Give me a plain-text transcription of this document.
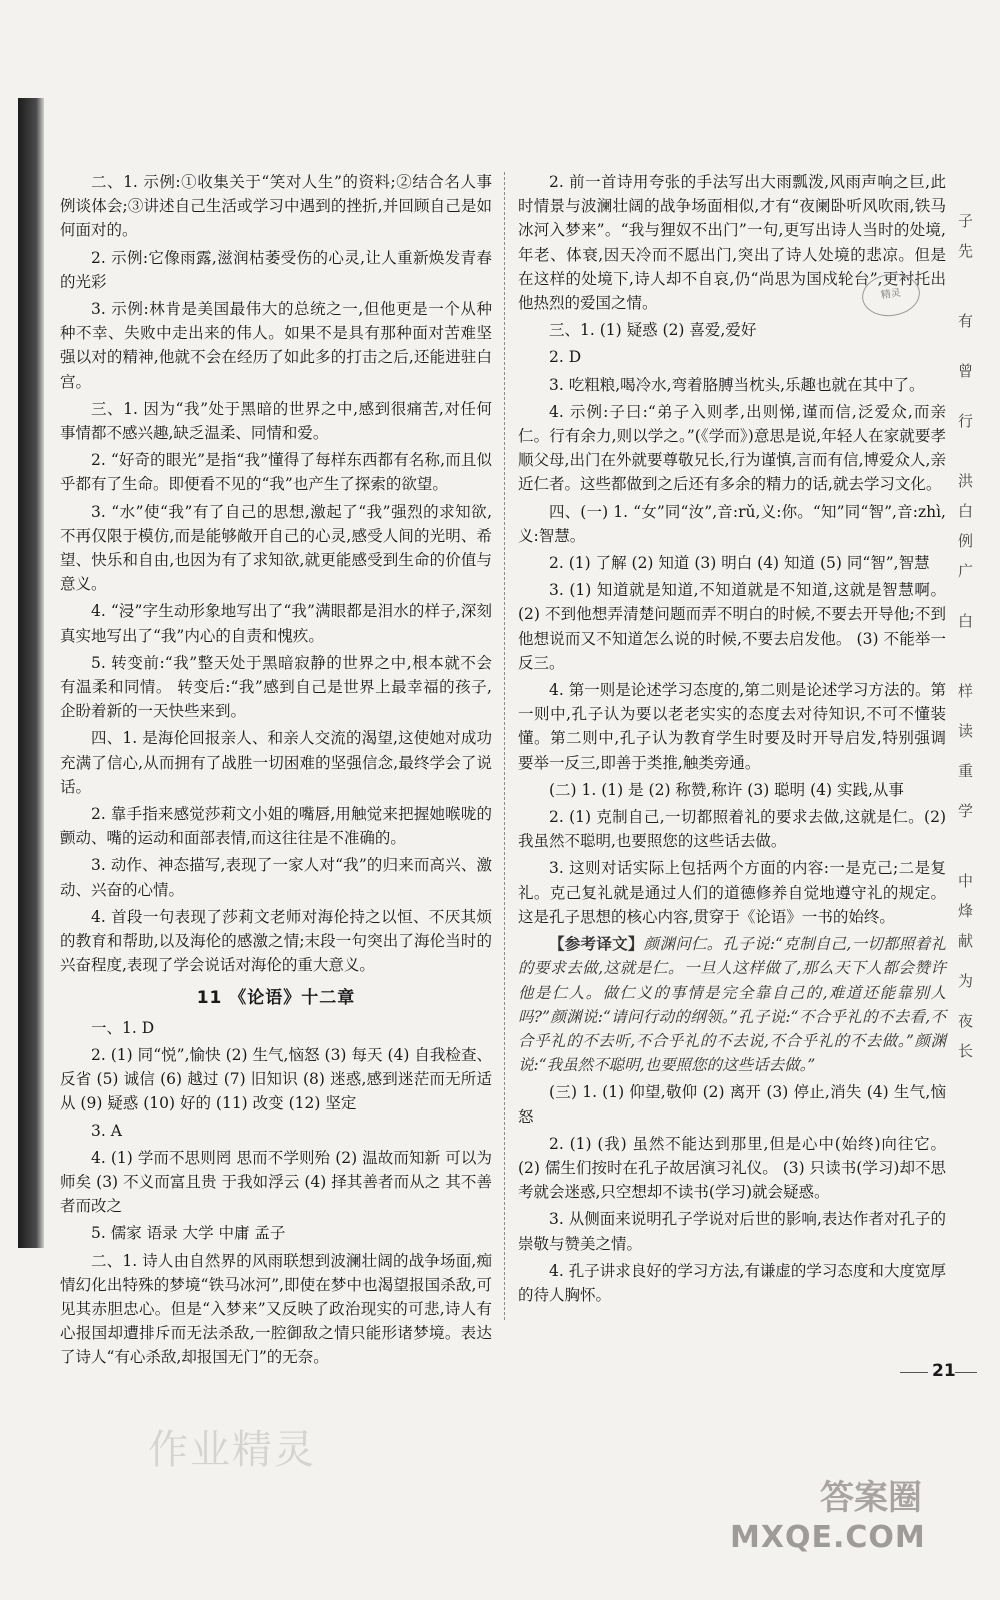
二、1. 示例:①收集关于“笑对人生”的资料;②结合名人事例谈体会;③讲述自己生活或学习中遇到的挫折,并回顾自己是如何面对的。

2. 示例:它像雨露,滋润枯萎受伤的心灵,让人重新焕发青春的光彩

3. 示例:林肯是美国最伟大的总统之一,但他更是一个从种种不幸、失败中走出来的伟人。如果不是具有那种面对苦难坚强以对的精神,他就不会在经历了如此多的打击之后,还能进驻白宫。

三、1. 因为“我”处于黑暗的世界之中,感到很痛苦,对任何事情都不感兴趣,缺乏温柔、同情和爱。

2. “好奇的眼光”是指“我”懂得了每样东西都有名称,而且似乎都有了生命。即便看不见的“我”也产生了探索的欲望。

3. “水”使“我”有了自己的思想,激起了“我”强烈的求知欲,不再仅限于模仿,而是能够敞开自己的心灵,感受人间的光明、希望、快乐和自由,也因为有了求知欲,就更能感受到生命的价值与意义。

4. “浸”字生动形象地写出了“我”满眼都是泪水的样子,深刻真实地写出了“我”内心的自责和愧疚。

5. 转变前:“我”整天处于黑暗寂静的世界之中,根本就不会有温柔和同情。 转变后:“我”感到自己是世界上最幸福的孩子,企盼着新的一天快些来到。

四、1. 是海伦回报亲人、和亲人交流的渴望,这使她对成功充满了信心,从而拥有了战胜一切困难的坚强信念,最终学会了说话。

2. 靠手指来感觉莎莉文小姐的嘴唇,用触觉来把握她喉咙的颤动、嘴的运动和面部表情,而这往往是不准确的。

3. 动作、神态描写,表现了一家人对“我”的归来而高兴、激动、兴奋的心情。

4. 首段一句表现了莎莉文老师对海伦持之以恒、不厌其烦的教育和帮助,以及海伦的感激之情;末段一句突出了海伦当时的兴奋程度,表现了学会说话对海伦的重大意义。

11 《论语》十二章

一、1. D

2. (1) 同“悦”,愉快 (2) 生气,恼怒 (3) 每天 (4) 自我检查、反省 (5) 诚信 (6) 越过 (7) 旧知识 (8) 迷惑,感到迷茫而无所适从 (9) 疑惑 (10) 好的 (11) 改变 (12) 坚定

3. A

4. (1) 学而不思则罔 思而不学则殆 (2) 温故而知新 可以为师矣 (3) 不义而富且贵 于我如浮云 (4) 择其善者而从之 其不善者而改之

5. 儒家 语录 大学 中庸 孟子

二、1. 诗人由自然界的风雨联想到波澜壮阔的战争场面,痴情幻化出特殊的梦境“铁马冰河”,即使在梦中也渴望报国杀敌,可见其赤胆忠心。但是“入梦来”又反映了政治现实的可悲,诗人有心报国却遭排斥而无法杀敌,一腔御敌之情只能形诸梦境。表达了诗人“有心杀敌,却报国无门”的无奈。

2. 前一首诗用夸张的手法写出大雨瓢泼,风雨声响之巨,此时情景与波澜壮阔的战争场面相似,才有“夜阑卧听风吹雨,铁马冰河入梦来”。“我与狸奴不出门”一句,更写出诗人当时的处境,年老、体衰,因天冷而不愿出门,突出了诗人处境的悲凉。但是在这样的处境下,诗人却不自哀,仍“尚思为国戍轮台”,更衬托出他热烈的爱国之情。

三、1. (1) 疑惑 (2) 喜爱,爱好

2. D

3. 吃粗粮,喝冷水,弯着胳膊当枕头,乐趣也就在其中了。

4. 示例:子曰:“弟子入则孝,出则悌,谨而信,泛爱众,而亲仁。行有余力,则以学之。”(《学而》)意思是说,年轻人在家就要孝顺父母,出门在外就要尊敬兄长,行为谨慎,言而有信,博爱众人,亲近仁者。这些都做到之后还有多余的精力的话,就去学习文化。

四、(一) 1. “女”同“汝”,音:rǔ,义:你。“知”同“智”,音:zhì,义:智慧。

2. (1) 了解 (2) 知道 (3) 明白 (4) 知道 (5) 同“智”,智慧

3. (1) 知道就是知道,不知道就是不知道,这就是智慧啊。(2) 不到他想弄清楚问题而弄不明白的时候,不要去开导他;不到他想说而又不知道怎么说的时候,不要去启发他。 (3) 不能举一反三。

4. 第一则是论述学习态度的,第二则是论述学习方法的。第一则中,孔子认为要以老老实实的态度去对待知识,不可不懂装懂。第二则中,孔子认为教育学生时要及时开导启发,特别强调要举一反三,即善于类推,触类旁通。

(二) 1. (1) 是 (2) 称赞,称许 (3) 聪明 (4) 实践,从事

2. (1) 克制自己,一切都照着礼的要求去做,这就是仁。(2) 我虽然不聪明,也要照您的这些话去做。

3. 这则对话实际上包括两个方面的内容:一是克己;二是复礼。克己复礼就是通过人们的道德修养自觉地遵守礼的规定。这是孔子思想的核心内容,贯穿于《论语》一书的始终。

【参考译文】颜渊问仁。孔子说:“克制自己,一切都照着礼的要求去做,这就是仁。一旦人这样做了,那么天下人都会赞许他是仁人。做仁义的事情是完全靠自己的,难道还能靠别人吗?”颜渊说:“请问行动的纲领。”孔子说:“不合乎礼的不去看,不合乎礼的不去听,不合乎礼的不去说,不合乎礼的不去做。”颜渊说:“我虽然不聪明,也要照您的这些话去做。”

(三) 1. (1) 仰望,敬仰 (2) 离开 (3) 停止,消失 (4) 生气,恼怒

2. (1) (我) 虽然不能达到那里,但是心中(始终)向往它。(2) 儒生们按时在孔子故居演习礼仪。 (3) 只读书(学习)却不思考就会迷惑,只空想却不读书(学习)就会疑惑。

3. 从侧面来说明孔子学说对后世的影响,表达作者对孔子的崇敬与赞美之情。

4. 孔子讲求良好的学习方法,有谦虚的学习态度和大度宽厚的待人胸怀。

精灵
21
作业精灵
答案圈
MXQE.COM
子
先
有
曾
行
洪
白
例
广
白
样
读
重
学
中
烽
献
为
夜
长
